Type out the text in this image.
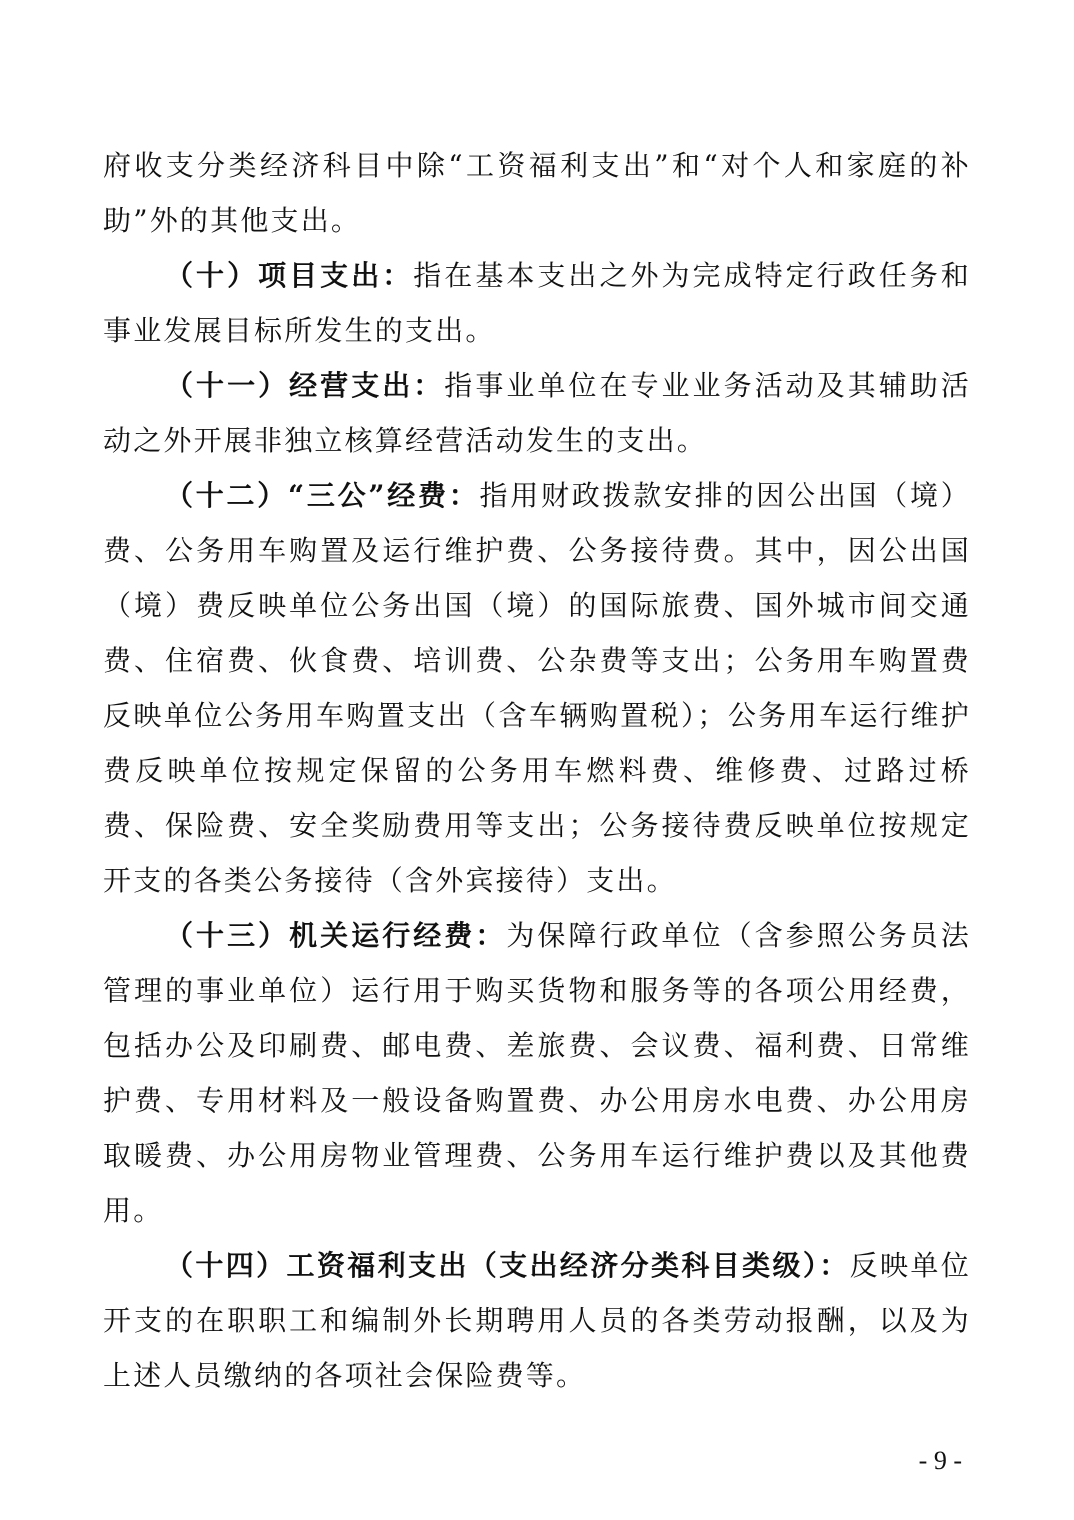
府收支分类经济科目中除“工资福利支出”和“对个人和家庭的补助”外的其他支出。

（十）项目支出：指在基本支出之外为完成特定行政任务和事业发展目标所发生的支出。

（十一）经营支出：指事业单位在专业业务活动及其辅助活动之外开展非独立核算经营活动发生的支出。

（十二）“三公”经费：指用财政拨款安排的因公出国（境）费、公务用车购置及运行维护费、公务接待费。其中，因公出国（境）费反映单位公务出国（境）的国际旅费、国外城市间交通费、住宿费、伙食费、培训费、公杂费等支出；公务用车购置费反映单位公务用车购置支出（含车辆购置税）；公务用车运行维护费反映单位按规定保留的公务用车燃料费、维修费、过路过桥费、保险费、安全奖励费用等支出；公务接待费反映单位按规定开支的各类公务接待（含外宾接待）支出。

（十三）机关运行经费：为保障行政单位（含参照公务员法管理的事业单位）运行用于购买货物和服务等的各项公用经费，包括办公及印刷费、邮电费、差旅费、会议费、福利费、日常维护费、专用材料及一般设备购置费、办公用房水电费、办公用房取暖费、办公用房物业管理费、公务用车运行维护费以及其他费用。

（十四）工资福利支出（支出经济分类科目类级）：反映单位开支的在职职工和编制外长期聘用人员的各类劳动报酬，以及为上述人员缴纳的各项社会保险费等。

- 9 -
